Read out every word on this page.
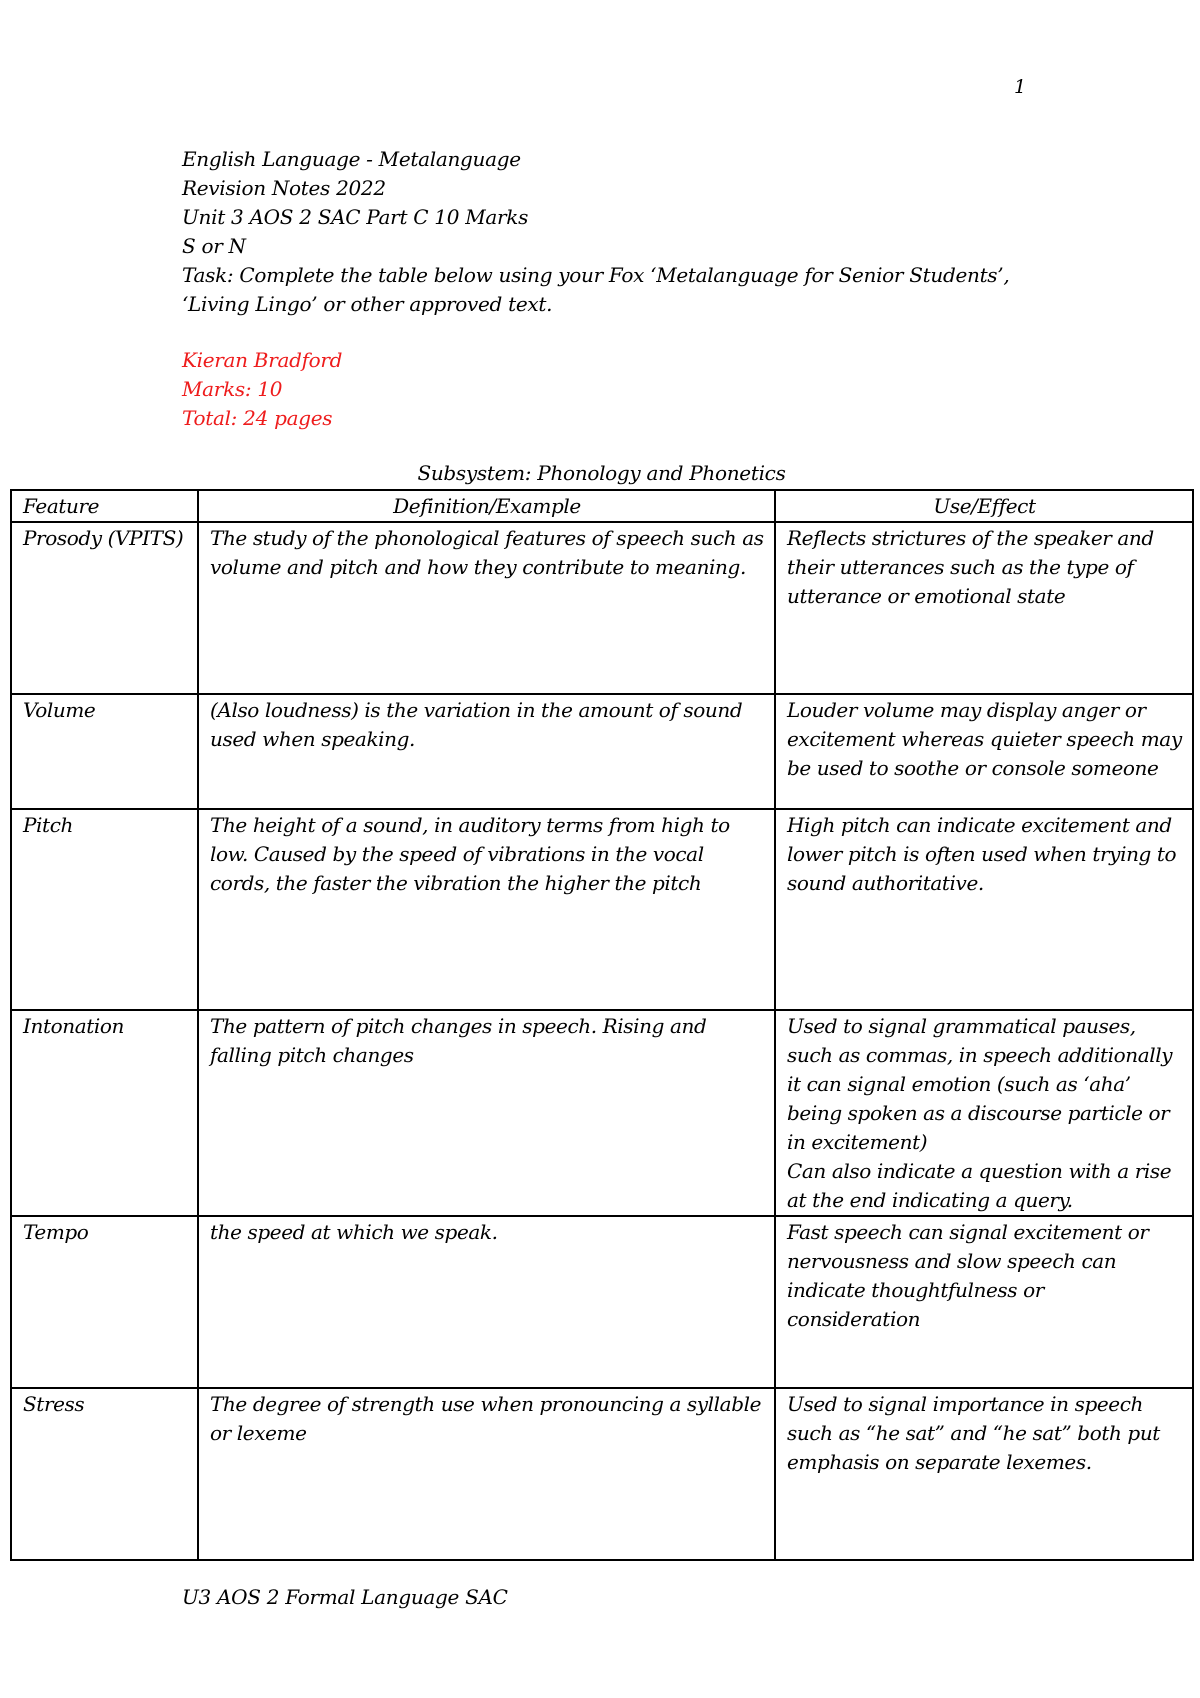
1
English Language - Metalanguage
Revision Notes 2022
Unit 3 AOS 2 SAC Part C 10 Marks
S or N
Task: Complete the table below using your Fox ‘Metalanguage for Senior Students’,
‘Living Lingo’ or other approved text.
Kieran Bradford
Marks: 10
Total: 24 pages
Subsystem: Phonology and Phonetics
Feature	Definition/Example	Use/Effect
Prosody (VPITS)	The study of the phonological features of speech such as volume and pitch and how they contribute to meaning.	Reflects strictures of the speaker and their utterances such as the type of utterance or emotional state
Volume	(Also loudness) is the variation in the amount of sound used when speaking.	Louder volume may display anger or excitement whereas quieter speech may be used to soothe or console someone
Pitch	The height of a sound, in auditory terms from high to low. Caused by the speed of vibrations in the vocal cords, the faster the vibration the higher the pitch	High pitch can indicate excitement and lower pitch is often used when trying to sound authoritative.
Intonation	The pattern of pitch changes in speech. Rising and falling pitch changes	Used to signal grammatical pauses, such as commas, in speech additionally it can signal emotion (such as ‘aha’ being spoken as a discourse particle or in excitement)
Can also indicate a question with a rise at the end indicating a query.

Tempo	the speed at which we speak.	Fast speech can signal excitement or nervousness and slow speech can indicate thoughtfulness or consideration
Stress	The degree of strength use when pronouncing a syllable or lexeme	Used to signal importance in speech such as “he sat” and “he sat” both put emphasis on separate lexemes.
U3 AOS 2 Formal Language SAC
